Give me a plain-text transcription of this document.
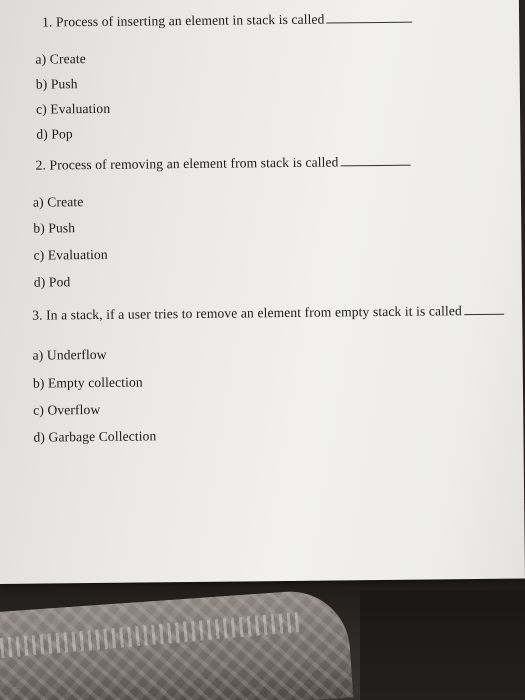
1. Process of inserting an element in stack is called
a) Create
b) Push
c) Evaluation
d) Pop
2. Process of removing an element from stack is called
a) Create
b) Push
c) Evaluation
d) Pod
3. In a stack, if a user tries to remove an element from empty stack it is called
a) Underflow
b) Empty collection
c) Overflow
d) Garbage Collection
